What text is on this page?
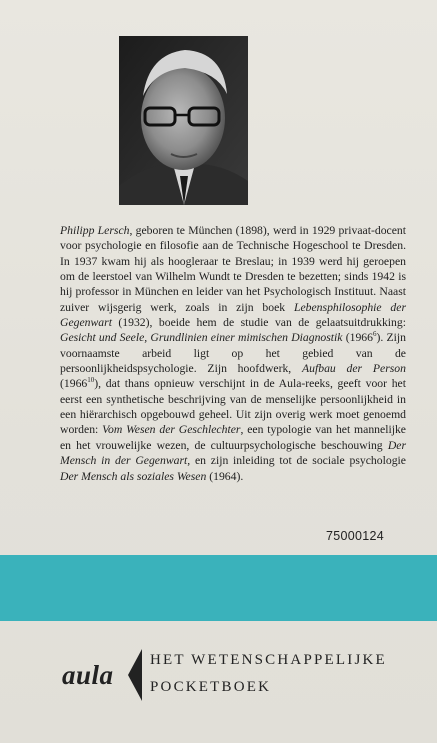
Philipp Lersch, geboren te München (1898), werd in 1929 privaat-docent voor psychologie en filosofie aan de Technische Hogeschool te Dresden. In 1937 kwam hij als hoogleraar te Breslau; in 1939 werd hij geroepen om de leerstoel van Wilhelm Wundt te Dresden te bezetten; sinds 1942 is hij professor in München en leider van het Psychologisch Instituut. Naast zuiver wijsgerig werk, zoals in zijn boek Lebensphilosophie der Gegenwart (1932), boeide hem de studie van de gelaatsuitdrukking: Gesicht und Seele, Grundlinien einer mimischen Diagnostik (1966$^6$). Zijn voornaamste arbeid ligt op het gebied van de persoonlijkheidspsychologie. Zijn hoofdwerk, Aufbau der Person (1966$^{10}$), dat thans opnieuw verschijnt in de Aula-reeks, geeft voor het eerst een synthetische beschrijving van de menselijke persoonlijkheid in een hiërarchisch opgebouwd geheel. Uit zijn overig werk moet genoemd worden: Vom Wesen der Geschlechter, een typologie van het mannelijke en het vrouwelijke wezen, de cultuurpsychologische beschouwing Der Mensch in der Gegenwart, en zijn inleiding tot de sociale psychologie Der Mensch als soziales Wesen (1964).

75000124
aula HET WETENSCHAPPELIJKE
POCKETBOEK
